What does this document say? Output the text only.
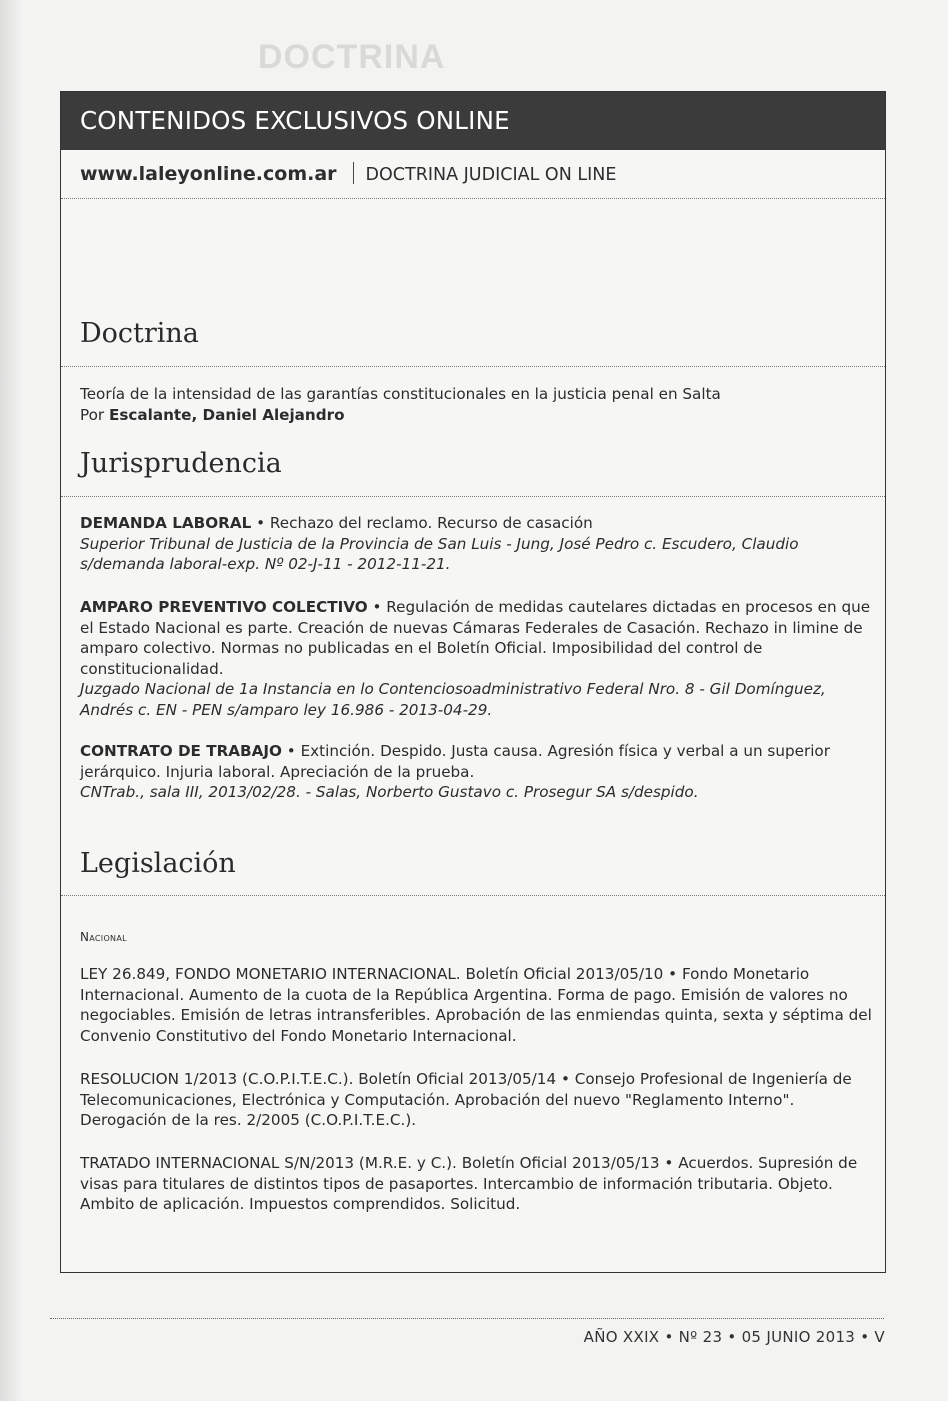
DOCTRINA
CONTENIDOS EXCLUSIVOS ONLINE
www.laleyonline.com.ar DOCTRINA JUDICIAL ON LINE
Doctrina
Teoría de la intensidad de las garantías constitucionales en la justicia penal en Salta
Por Escalante, Daniel Alejandro
Jurisprudencia
DEMANDA LABORAL • Rechazo del reclamo. Recurso de casación
Superior Tribunal de Justicia de la Provincia de San Luis - Jung, José Pedro c. Escudero, Claudio s/demanda laboral-exp. Nº 02-J-11 - 2012-11-21.
AMPARO PREVENTIVO COLECTIVO • Regulación de medidas cautelares dictadas en procesos en que el Estado Nacional es parte. Creación de nuevas Cámaras Federales de Casación. Rechazo in limine de amparo colectivo. Normas no publicadas en el Boletín Oficial. Imposibilidad del control de constitucionalidad.
Juzgado Nacional de 1a Instancia en lo Contenciosoadministrativo Federal Nro. 8 - Gil Domínguez, Andrés c. EN - PEN s/amparo ley 16.986 - 2013-04-29.
CONTRATO DE TRABAJO • Extinción. Despido. Justa causa. Agresión física y verbal a un superior jerárquico. Injuria laboral. Apreciación de la prueba.
CNTrab., sala III, 2013/02/28. - Salas, Norberto Gustavo c. Prosegur SA s/despido.
Legislación
Nacional
LEY 26.849, FONDO MONETARIO INTERNACIONAL. Boletín Oficial 2013/05/10 • Fondo Monetario Internacional. Aumento de la cuota de la República Argentina. Forma de pago. Emisión de valores no negociables. Emisión de letras intransferibles. Aprobación de las enmiendas quinta, sexta y séptima del Convenio Constitutivo del Fondo Monetario Internacional.
RESOLUCION 1/2013 (C.O.P.I.T.E.C.). Boletín Oficial 2013/05/14 • Consejo Profesional de Ingeniería de Telecomunicaciones, Electrónica y Computación. Aprobación del nuevo "Reglamento Interno". Derogación de la res. 2/2005 (C.O.P.I.T.E.C.).
TRATADO INTERNACIONAL S/N/2013 (M.R.E. y C.). Boletín Oficial 2013/05/13 • Acuerdos. Supresión de visas para titulares de distintos tipos de pasaportes. Intercambio de información tributaria. Objeto. Ambito de aplicación. Impuestos comprendidos. Solicitud.
AÑO XXIX • Nº 23 • 05 JUNIO 2013 • V
